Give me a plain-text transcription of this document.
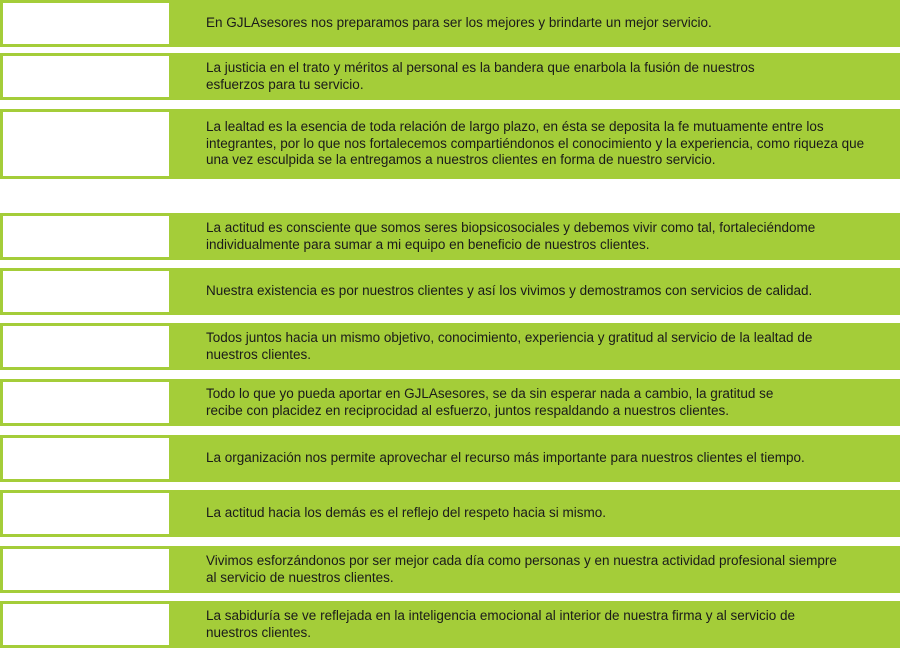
En GJLAsesores nos preparamos para ser los mejores y brindarte un mejor servicio.
La justicia en el trato y méritos al personal es la bandera que enarbola la fusión de nuestros esfuerzos para tu servicio.
La lealtad es la esencia de toda relación de largo plazo, en ésta se deposita la fe mutuamente entre los integrantes, por lo que nos fortalecemos compartiéndonos el conocimiento y la experiencia, como riqueza que una vez esculpida se la entregamos a nuestros clientes en forma de nuestro servicio.
La actitud es consciente que somos seres biopsicosociales y debemos vivir como tal, fortaleciéndome individualmente para sumar a mi equipo en beneficio de nuestros clientes.
Nuestra existencia es por nuestros clientes y así los vivimos y demostramos con servicios de calidad.
Todos juntos hacia un mismo objetivo, conocimiento, experiencia y gratitud al servicio de la lealtad de nuestros clientes.
Todo lo que yo pueda aportar en GJLAsesores, se da sin esperar nada a cambio, la gratitud se recibe con placidez en reciprocidad al esfuerzo, juntos respaldando a nuestros clientes.
La organización nos permite aprovechar el recurso más importante para nuestros clientes el tiempo.
La actitud hacia los demás es el reflejo del respeto hacia si mismo.
Vivimos esforzándonos por ser mejor cada día como personas y en nuestra actividad profesional siempre al servicio de nuestros clientes.
La sabiduría se ve reflejada en la inteligencia emocional al interior de nuestra firma y al servicio de nuestros clientes.
